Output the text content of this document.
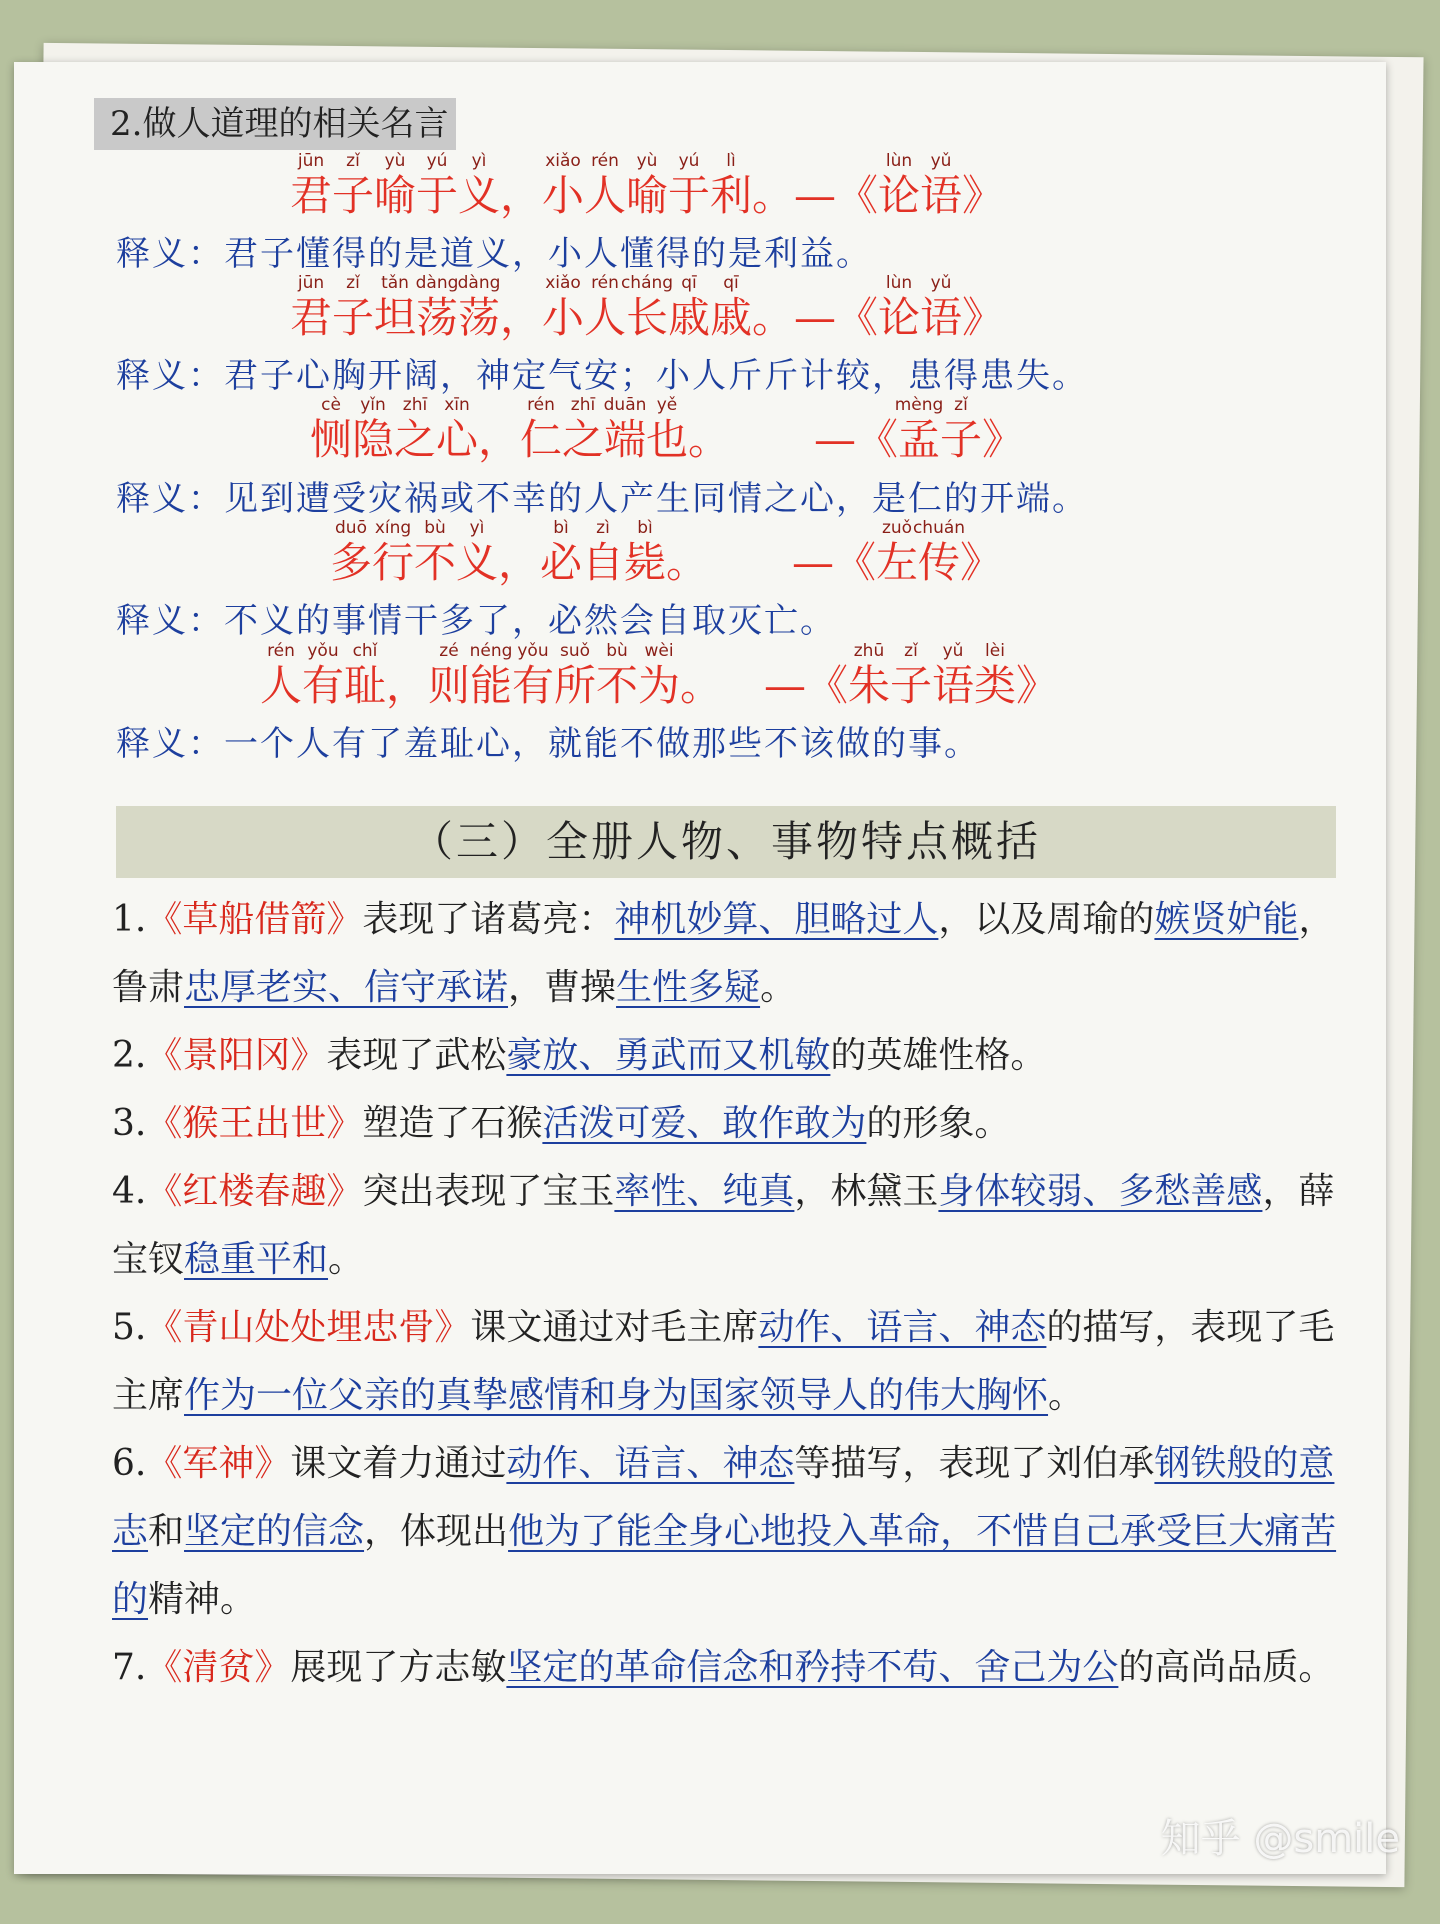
2.做人道理的相关名言
jūn
君
zǐ
子
yù
喻
yú
于
yì
义 ，
xiǎo
小
rén
人
yù
喻
yú
于
lì
利 。 — 《
lùn
论
yǔ
语 》
释义：君子懂得的是道义，小人懂得的是利益。
jūn
君
zǐ
子
tǎn
坦
dàng
荡
dàng
荡 ，
xiǎo
小
rén
人
cháng
长
qī
戚
qī
戚 。 — 《
lùn
论
yǔ
语 》
释义：君子心胸开阔，神定气安；小人斤斤计较，患得患失。
cè
恻
yǐn
隐
zhī
之
xīn
心 ，
rén
仁
zhī
之
duān
端
yě
也 。 — 《
mèng
孟
zǐ
子 》
释义：见到遭受灾祸或不幸的人产生同情之心，是仁的开端。
duō
多
xíng
行
bù
不
yì
义 ，
bì
必
zì
自
bì
毙 。 — 《
zuǒ
左
chuán
传 》
释义：不义的事情干多了，必然会自取灭亡。
rén
人
yǒu
有
chǐ
耻 ，
zé
则
néng
能
yǒu
有
suǒ
所
bù
不
wèi
为 。 — 《
zhū
朱
zǐ
子
yǔ
语
lèi
类 》
释义：一个人有了羞耻心，就能不做那些不该做的事。
（三）全册人物、事物特点概括

1.《草船借箭》表现了诸葛亮：神机妙算、胆略过人，以及周瑜的嫉贤妒能，鲁肃忠厚老实、信守承诺，曹操生性多疑。

2.《景阳冈》表现了武松豪放、勇武而又机敏的英雄性格。

3.《猴王出世》塑造了石猴活泼可爱、敢作敢为的形象。

4.《红楼春趣》突出表现了宝玉率性、纯真，林黛玉身体较弱、多愁善感，薛宝钗稳重平和。

5.《青山处处埋忠骨》课文通过对毛主席动作、语言、神态的描写，表现了毛主席作为一位父亲的真挚感情和身为国家领导人的伟大胸怀。

6.《军神》课文着力通过动作、语言、神态等描写，表现了刘伯承钢铁般的意志和坚定的信念，体现出他为了能全身心地投入革命，不惜自己承受巨大痛苦的精神。

7.《清贫》展现了方志敏坚定的革命信念和矜持不苟、舍己为公的高尚品质。

知乎 @smile
